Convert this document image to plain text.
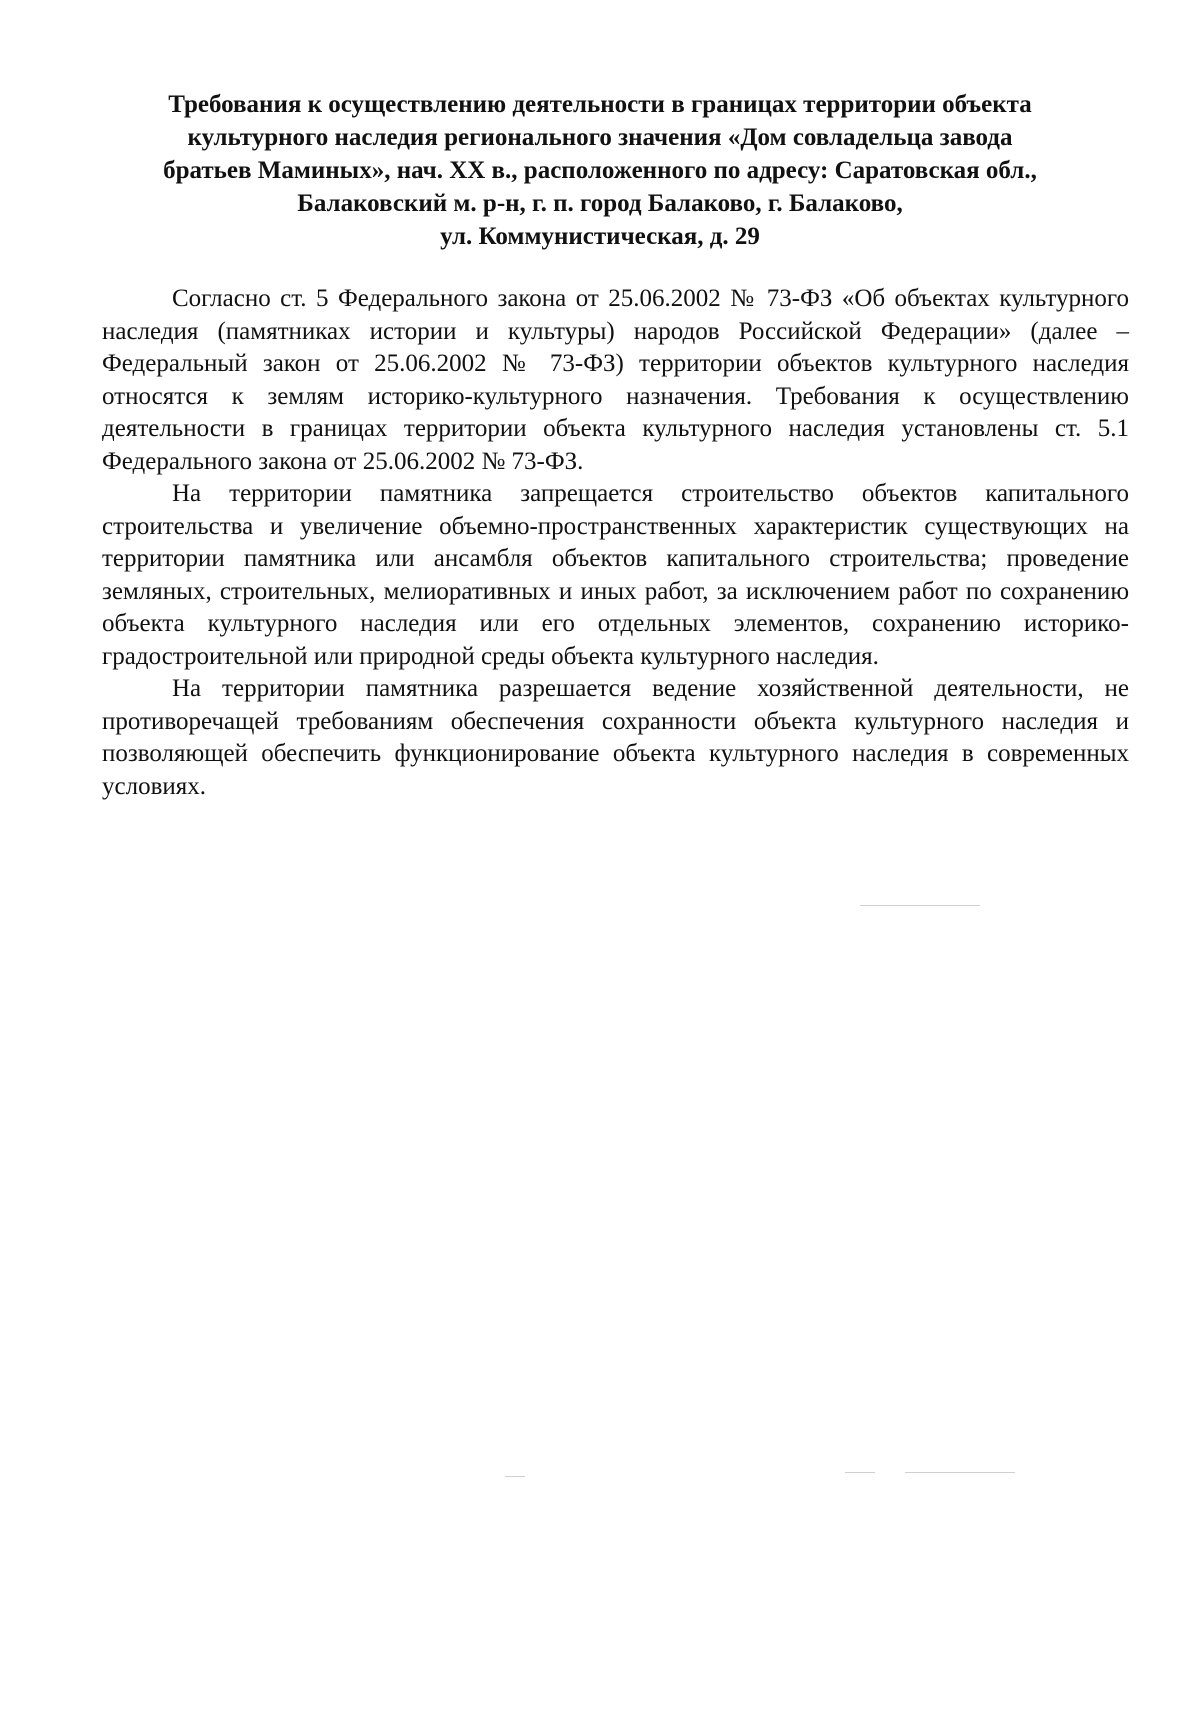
Требования к осуществлению деятельности в границах территории объекта
культурного наследия регионального значения «Дом совладельца завода
братьев Маминых», нач. XX в., расположенного по адресу: Саратовская обл.,
Балаковский м. р-н, г. п. город Балаково, г. Балаково,
ул. Коммунистическая, д. 29

Согласно ст. 5 Федерального закона от 25.06.2002 № 73-ФЗ «Об объектах культурного наследия (памятниках истории и культуры) народов Российской Федерации» (далее – Федеральный закон от 25.06.2002 № 73-ФЗ) территории объектов культурного наследия относятся к землям историко-культурного назначения. Требования к осуществлению деятельности в границах территории объекта культурного наследия установлены ст. 5.1 Федерального закона от 25.06.2002 № 73-ФЗ.

На территории памятника запрещается строительство объектов капитального строительства и увеличение объемно-пространственных характеристик существующих на территории памятника или ансамбля объектов капитального строительства; проведение земляных, строительных, мелиоративных и иных работ, за исключением работ по сохранению объекта культурного наследия или его отдельных элементов, сохранению историко-градостроительной или природной среды объекта культурного наследия.

На территории памятника разрешается ведение хозяйственной деятельности, не противоречащей требованиям обеспечения сохранности объекта культурного наследия и позволяющей обеспечить функционирование объекта культурного наследия в современных условиях.
